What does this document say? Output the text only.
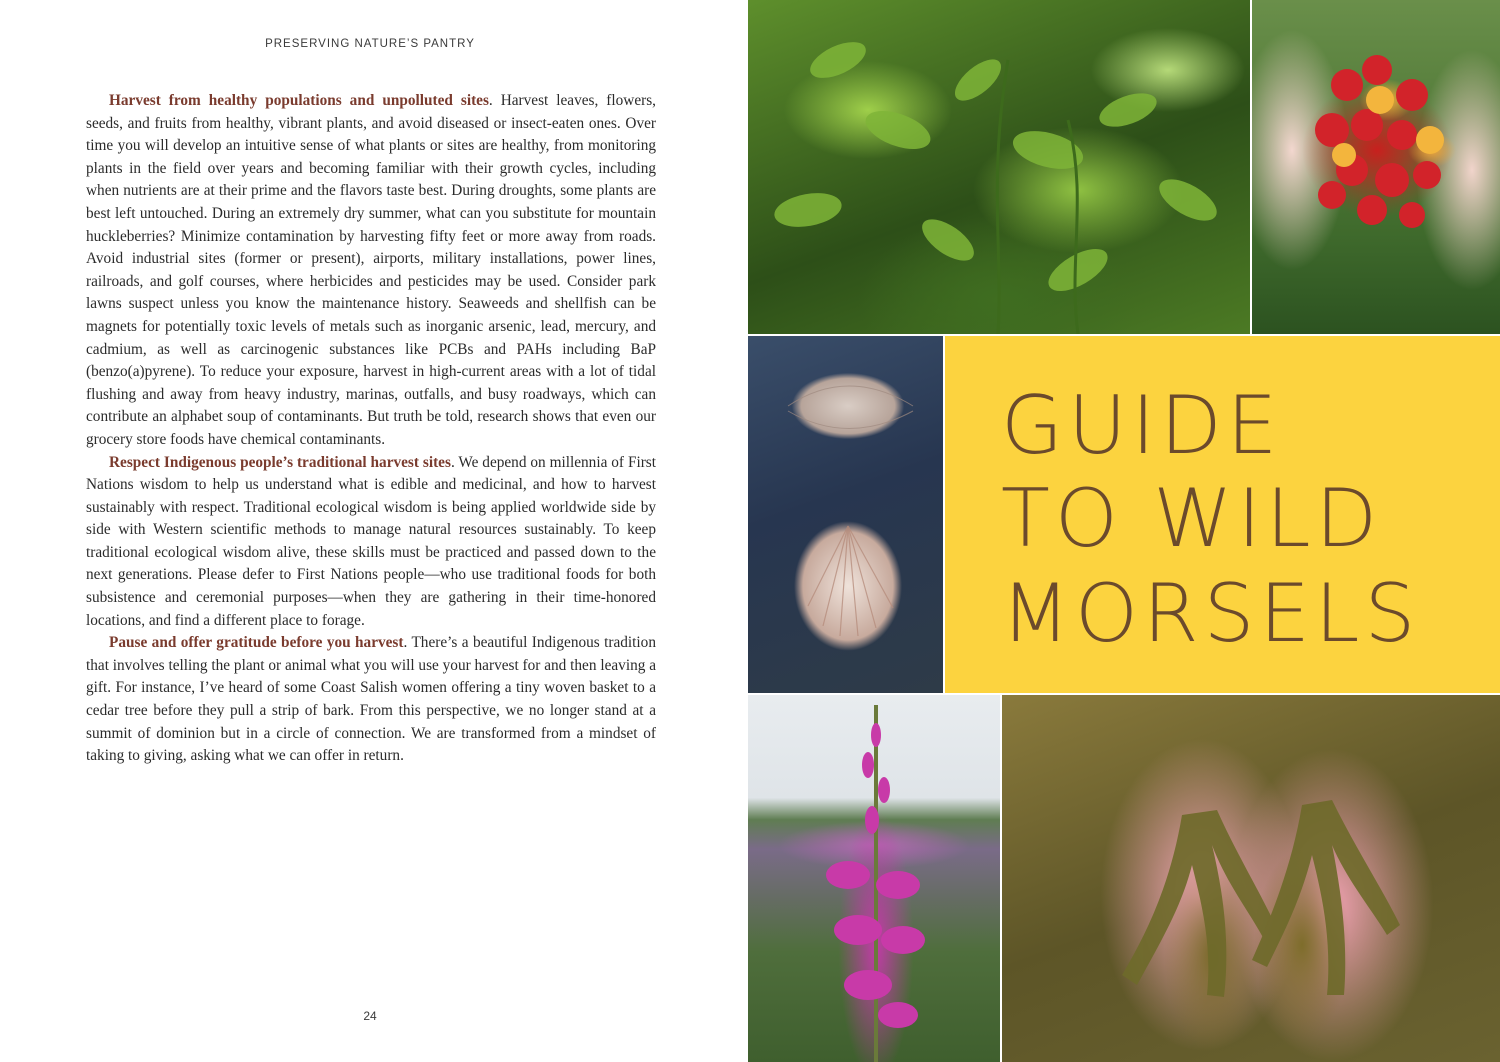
PRESERVING NATURE’S PANTRY

Harvest from healthy populations and unpolluted sites. Harvest leaves, flowers, seeds, and fruits from healthy, vibrant plants, and avoid diseased or insect-eaten ones. Over time you will develop an intuitive sense of what plants or sites are healthy, from monitoring plants in the field over years and becoming familiar with their growth cycles, including when nutrients are at their prime and the flavors taste best. During droughts, some plants are best left untouched. During an extremely dry summer, what can you substitute for mountain huckleberries? Minimize contamination by harvesting fifty feet or more away from roads. Avoid industrial sites (former or present), airports, military installations, power lines, railroads, and golf courses, where herbicides and pesticides may be used. Consider park lawns suspect unless you know the maintenance history. Seaweeds and shellfish can be magnets for potentially toxic levels of metals such as inorganic arsenic, lead, mercury, and cadmium, as well as carcinogenic substances like PCBs and PAHs including BaP (benzo(a)pyrene). To reduce your exposure, harvest in high-current areas with a lot of tidal flushing and away from heavy industry, marinas, outfalls, and busy roadways, which can contribute an alphabet soup of contaminants. But truth be told, research shows that even our grocery store foods have chemical contaminants.

Respect Indigenous people’s traditional harvest sites. We depend on millennia of First Nations wisdom to help us understand what is edible and medicinal, and how to harvest sustainably with respect. Traditional ecological wisdom is being applied worldwide side by side with Western scientific methods to manage natural resources sustainably. To keep traditional ecological wisdom alive, these skills must be practiced and passed down to the next generations. Please defer to First Nations people—who use traditional foods for both subsistence and ceremonial purposes—when they are gathering in their time-honored locations, and find a different place to forage.

Pause and offer gratitude before you harvest. There’s a beautiful Indigenous tradition that involves telling the plant or animal what you will use your harvest for and then leaving a gift. For instance, I’ve heard of some Coast Salish women offering a tiny woven basket to a cedar tree before they pull a strip of bark. From this perspective, we no longer stand at a summit of dominion but in a circle of connection. We are transformed from a mindset of taking to giving, asking what we can offer in return.

24
GUIDE
TO WILD
MORSELS
